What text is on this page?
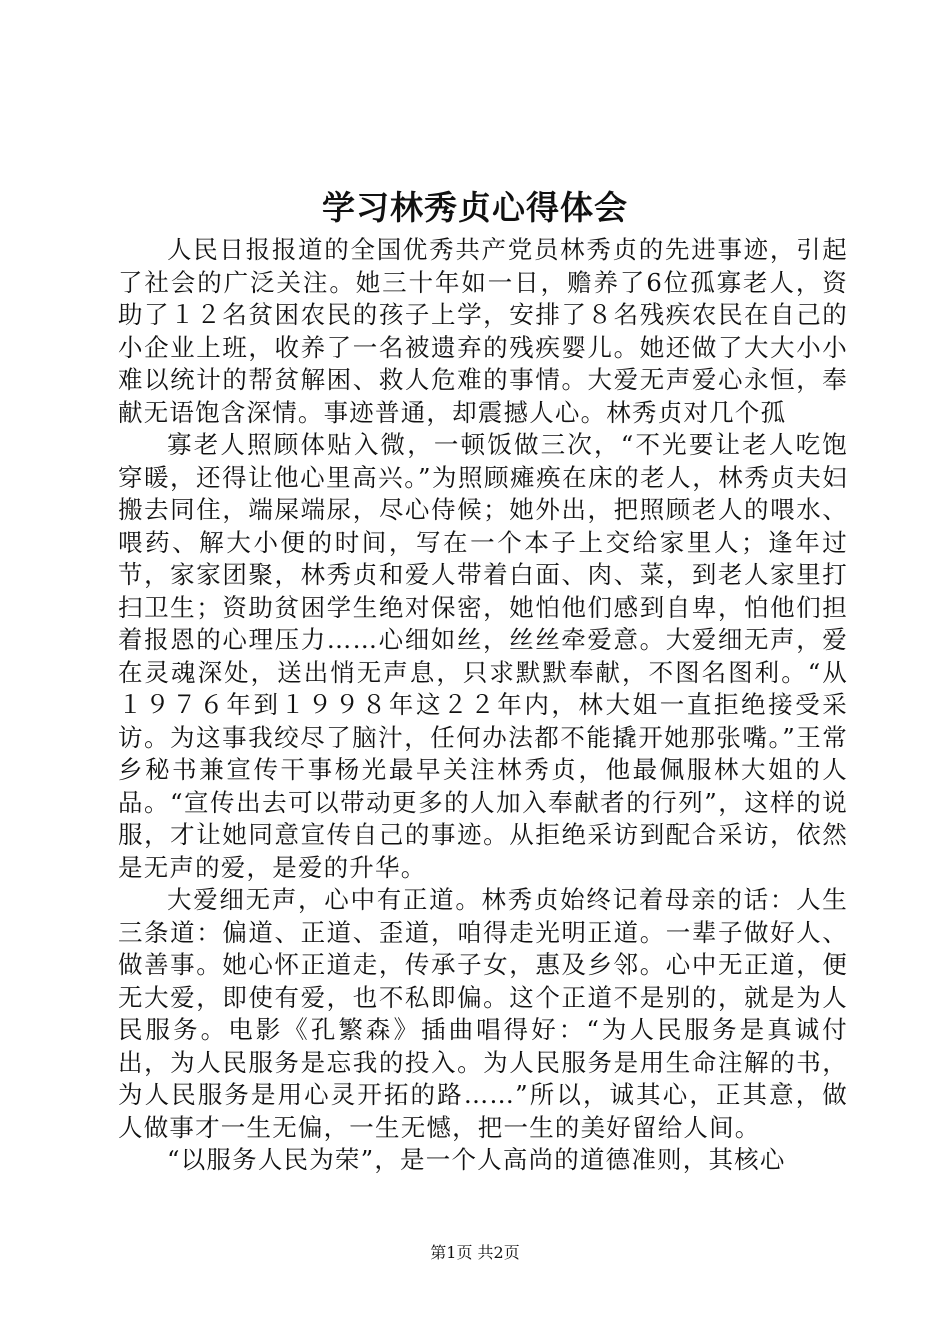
学习林秀贞心得体会

人民日报报道的全国优秀共产党员林秀贞的先进事迹，引起了社会的广泛关注。她三十年如一日，赡养了6位孤寡老人，资助了１２名贫困农民的孩子上学，安排了８名残疾农民在自己的小企业上班，收养了一名被遗弃的残疾婴儿。她还做了大大小小难以统计的帮贫解困、救人危难的事情。大爱无声爱心永恒，奉献无语饱含深情。事迹普通，却震撼人心。林秀贞对几个孤

寡老人照顾体贴入微，一顿饭做三次，“不光要让老人吃饱穿暖，还得让他心里高兴。”为照顾瘫痪在床的老人，林秀贞夫妇搬去同住，端屎端尿，尽心侍候；她外出，把照顾老人的喂水、喂药、解大小便的时间，写在一个本子上交给家里人；逢年过节，家家团聚，林秀贞和爱人带着白面、肉、菜，到老人家里打扫卫生；资助贫困学生绝对保密，她怕他们感到自卑，怕他们担着报恩的心理压力……心细如丝，丝丝牵爱意。大爱细无声，爱在灵魂深处，送出悄无声息，只求默默奉献，不图名图利。“从１９７６年到１９９８年这２２年内，林大姐一直拒绝接受采访。为这事我绞尽了脑汁，任何办法都不能撬开她那张嘴。”王常乡秘书兼宣传干事杨光最早关注林秀贞，他最佩服林大姐的人品。“宣传出去可以带动更多的人加入奉献者的行列”，这样的说服，才让她同意宣传自己的事迹。从拒绝采访到配合采访，依然是无声的爱，是爱的升华。

大爱细无声，心中有正道。林秀贞始终记着母亲的话：人生三条道：偏道、正道、歪道，咱得走光明正道。一辈子做好人、做善事。她心怀正道走，传承子女，惠及乡邻。心中无正道，便无大爱，即使有爱，也不私即偏。这个正道不是别的，就是为人民服务。电影《孔繁森》插曲唱得好：“为人民服务是真诚付出，为人民服务是忘我的投入。为人民服务是用生命注解的书，为人民服务是用心灵开拓的路……”所以，诚其心，正其意，做人做事才一生无偏，一生无憾，把一生的美好留给人间。

“以服务人民为荣”，是一个人高尚的道德准则，其核心

第1页 共2页
